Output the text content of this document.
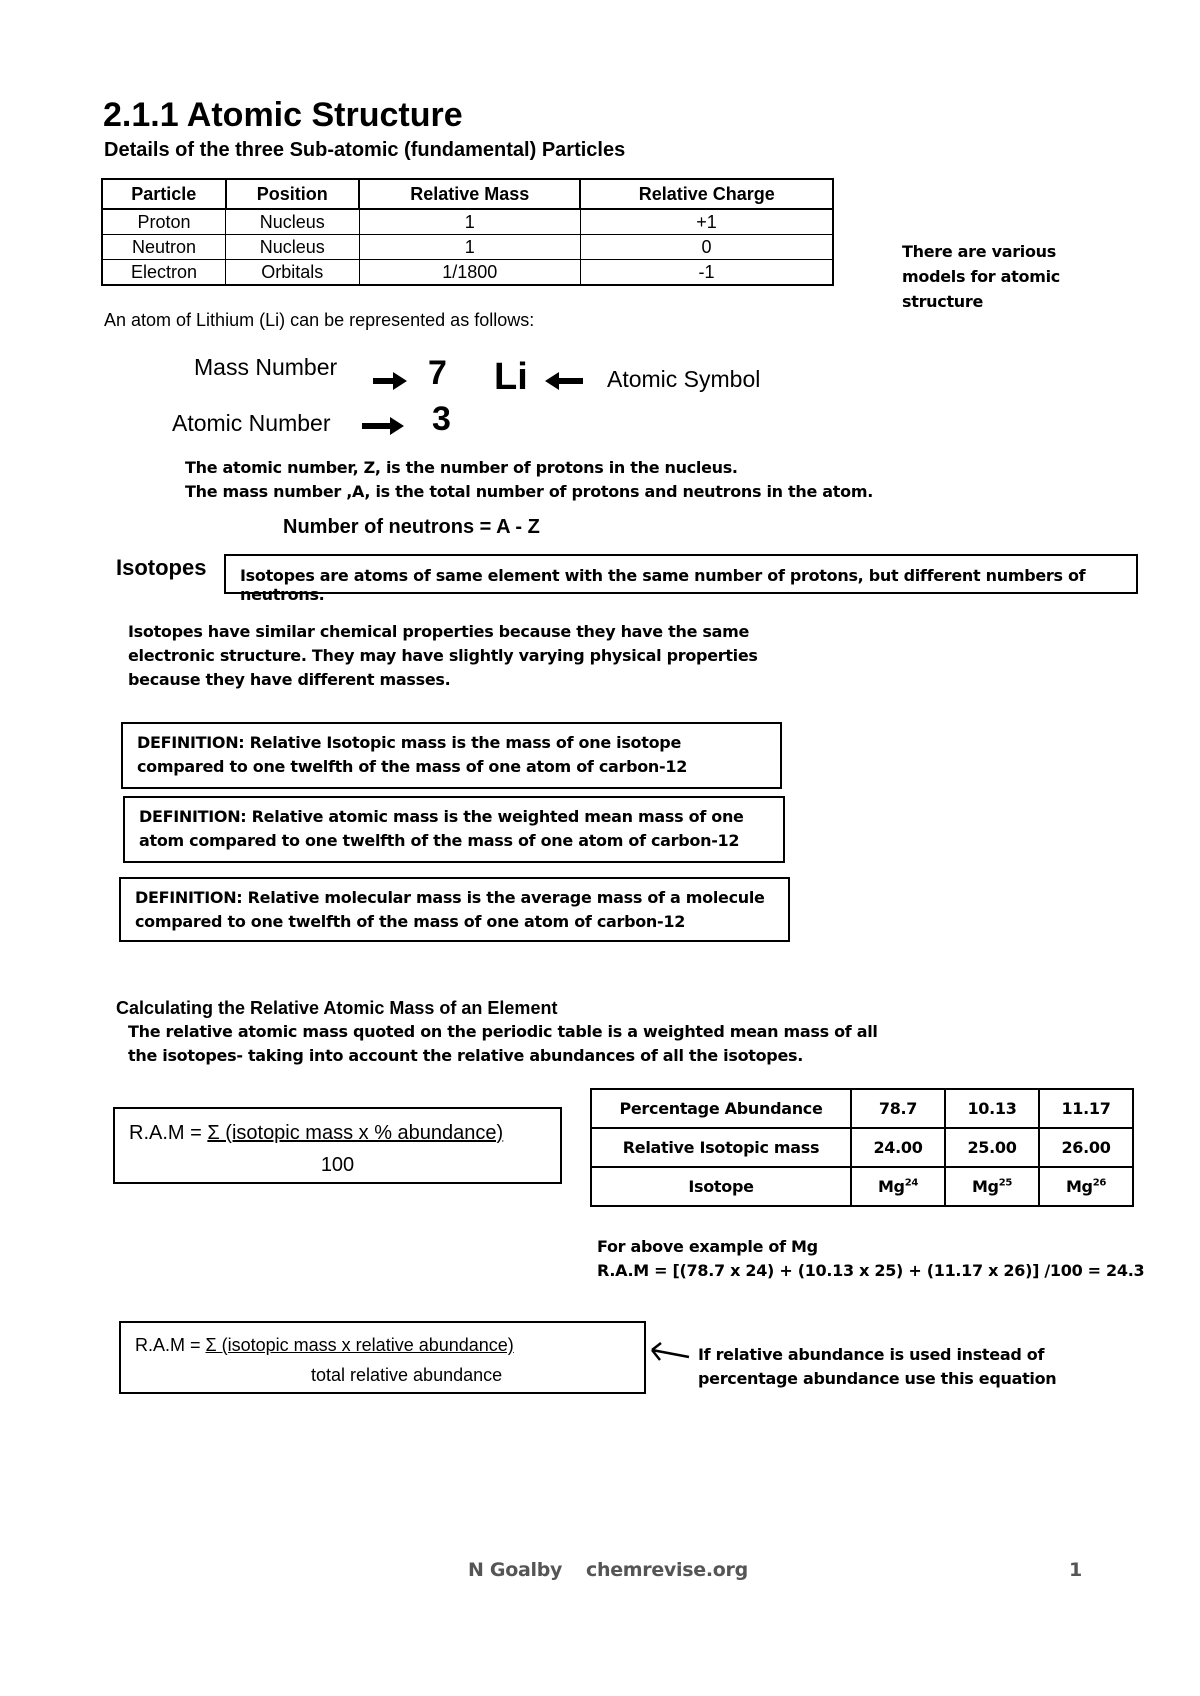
2.1.1 Atomic Structure
Details of the three Sub-atomic (fundamental) Particles
Particle	Position	Relative Mass	Relative Charge
Proton	Nucleus	1	+1
Neutron	Nucleus	1	0
Electron	Orbitals	1/1800	-1
There are various models for atomic structure
An atom of Lithium (Li) can be represented as follows:
Mass Number
Atomic Number
7
3
Li	Atomic Symbol
The atomic number, Z, is the number of protons in the nucleus.
The mass number ,A, is the total number of protons and neutrons in the atom.
Number of neutrons = A - Z
Isotopes	Isotopes are atoms of same element with the same number of protons, but different numbers of neutrons.
Isotopes have similar chemical properties because they have the same electronic structure. They may have slightly varying physical properties because they have different masses.
DEFINITION: Relative Isotopic mass is the mass of one isotope compared to one twelfth of the mass of one atom of carbon-12
DEFINITION: Relative atomic mass is the weighted mean mass of one atom compared to one twelfth of the mass of one atom of carbon-12
DEFINITION: Relative molecular mass is the average mass of a molecule compared to one twelfth of the mass of one atom of carbon-12
Calculating the Relative Atomic Mass of an Element
The relative atomic mass quoted on the periodic table is a weighted mean mass of all the isotopes- taking into account the relative abundances of all the isotopes.
R.A.M = Σ (isotopic mass x % abundance)
100
Percentage Abundance	78.7	10.13	11.17
Relative Isotopic mass	24.00	25.00	26.00
Isotope	Mg$^{24}$	Mg$^{25}$	Mg$^{26}$
For above example of Mg
R.A.M = [(78.7 x 24) + (10.13 x 25) + (11.17 x 26)] /100 = 24.3
R.A.M = Σ (isotopic mass x relative abundance)
total relative abundance
If relative abundance is used instead of percentage abundance use this equation
N Goalby chemrevise.org	1
